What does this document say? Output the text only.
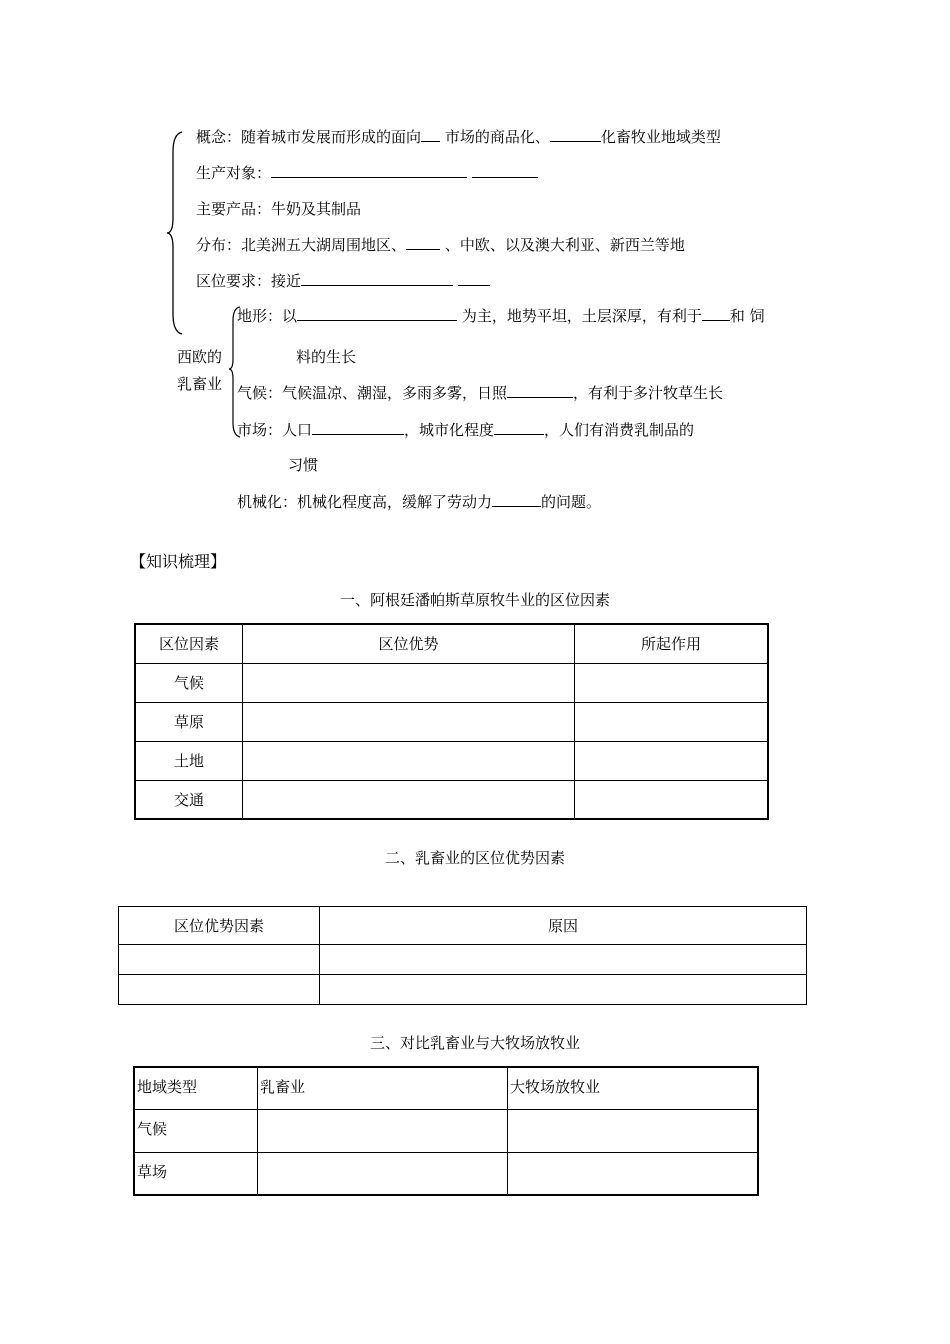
概念：随着城市发展而形成的面向 市场的商品化、	化畜牧业地域类型
生产对象：
主要产品：牛奶及其制品
分布：北美洲五大湖周围地区、	、中欧、以及澳大利亚、新西兰等地
区位要求：接近
西欧的
乳畜业
地形：以	为主，地势平坦，土层深厚，有利于 和 饲
料的生长
气候：气候温凉、潮湿，多雨多雾，日照	，有利于多汁牧草生长
市场：人口	，城市化程度	，人们有消费乳制品的
习惯
机械化：机械化程度高，缓解了劳动力	的问题。
【知识梳理】
一、阿根廷潘帕斯草原牧牛业的区位因素
区位因素	区位优势	所起作用
气候		
草原		
土地		
交通		
二、乳畜业的区位优势因素
区位优势因素	原因

三、对比乳畜业与大牧场放牧业
地域类型	乳畜业	大牧场放牧业
气候		
草场		
